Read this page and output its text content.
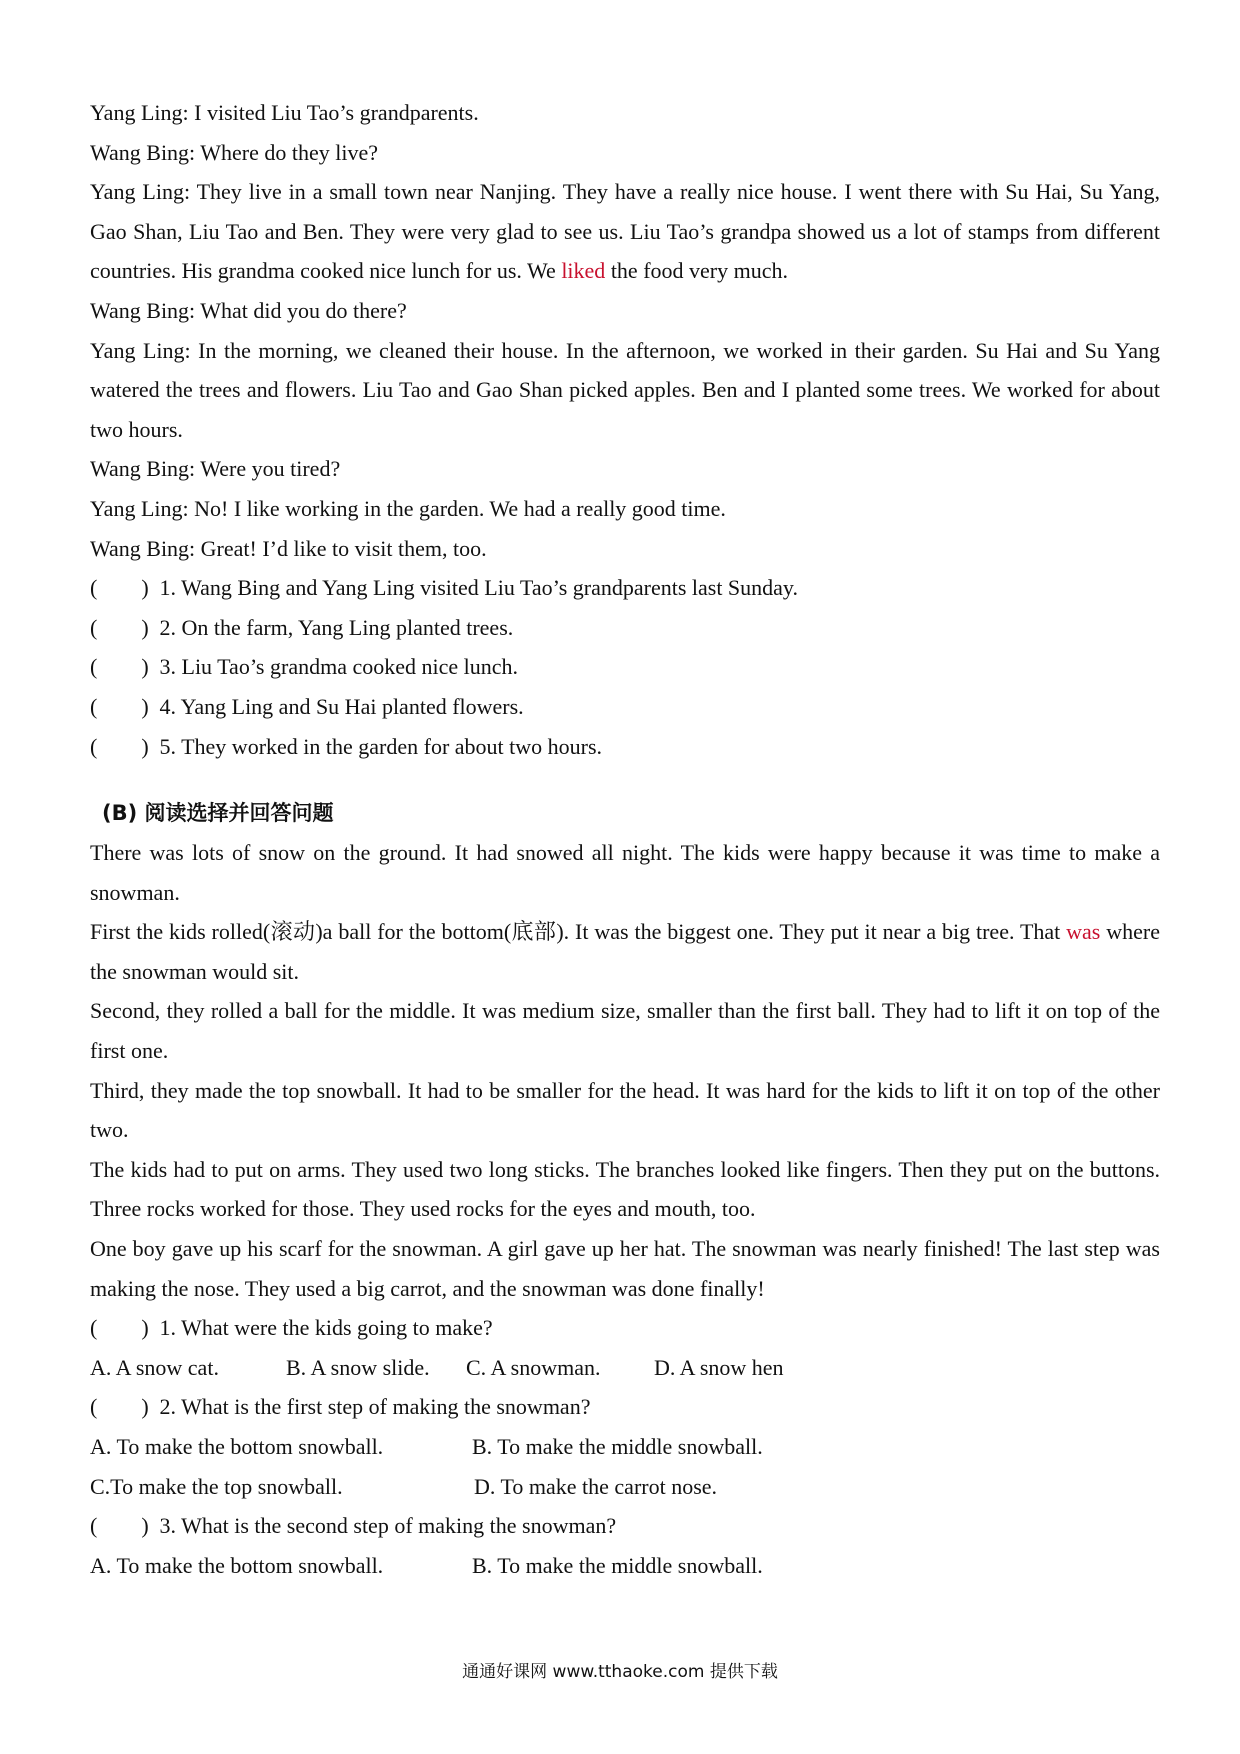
Yang Ling: I visited Liu Tao’s grandparents.

Wang Bing: Where do they live?

Yang Ling: They live in a small town near Nanjing. They have a really nice house. I went there with Su Hai, Su Yang, Gao Shan, Liu Tao and Ben. They were very glad to see us. Liu Tao’s grandpa showed us a lot of stamps from different countries. His grandma cooked nice lunch for us. We liked the food very much.

Wang Bing: What did you do there?

Yang Ling: In the morning, we cleaned their house. In the afternoon, we worked in their garden. Su Hai and Su Yang watered the trees and flowers. Liu Tao and Gao Shan picked apples. Ben and I planted some trees. We worked for about two hours.

Wang Bing: Were you tired?

Yang Ling: No! I like working in the garden. We had a really good time.

Wang Bing: Great! I’d like to visit them, too.

(        ) 1. Wang Bing and Yang Ling visited Liu Tao’s grandparents last Sunday.

(        ) 2. On the farm, Yang Ling planted trees.

(        ) 3. Liu Tao’s grandma cooked nice lunch.

(        ) 4. Yang Ling and Su Hai planted flowers.

(        ) 5. They worked in the garden for about two hours.

(B) 阅读选择并回答问题

There was lots of snow on the ground. It had snowed all night. The kids were happy because it was time to make a snowman.

First the kids rolled(滚动)a ball for the bottom(底部). It was the biggest one. They put it near a big tree. That was where the snowman would sit.

Second, they rolled a ball for the middle. It was medium size, smaller than the first ball. They had to lift it on top of the first one.

Third, they made the top snowball. It had to be smaller for the head. It was hard for the kids to lift it on top of the other two.

The kids had to put on arms. They used two long sticks. The branches looked like fingers. Then they put on the buttons. Three rocks worked for those. They used rocks for the eyes and mouth, too.

One boy gave up his scarf for the snowman. A girl gave up her hat. The snowman was nearly finished! The last step was making the nose. They used a big carrot, and the snowman was done finally!

(        ) 1. What were the kids going to make?

A. A snow cat.	B. A snow slide. C. A snowman. D. A snow hen

(        ) 2. What is the first step of making the snowman?

A. To make the bottom snowball.	B. To make the middle snowball.

C.To make the top snowball.	D. To make the carrot nose.

(        ) 3. What is the second step of making the snowman?

A. To make the bottom snowball.	B. To make the middle snowball.

通通好课网 www.tthaoke.com 提供下载
